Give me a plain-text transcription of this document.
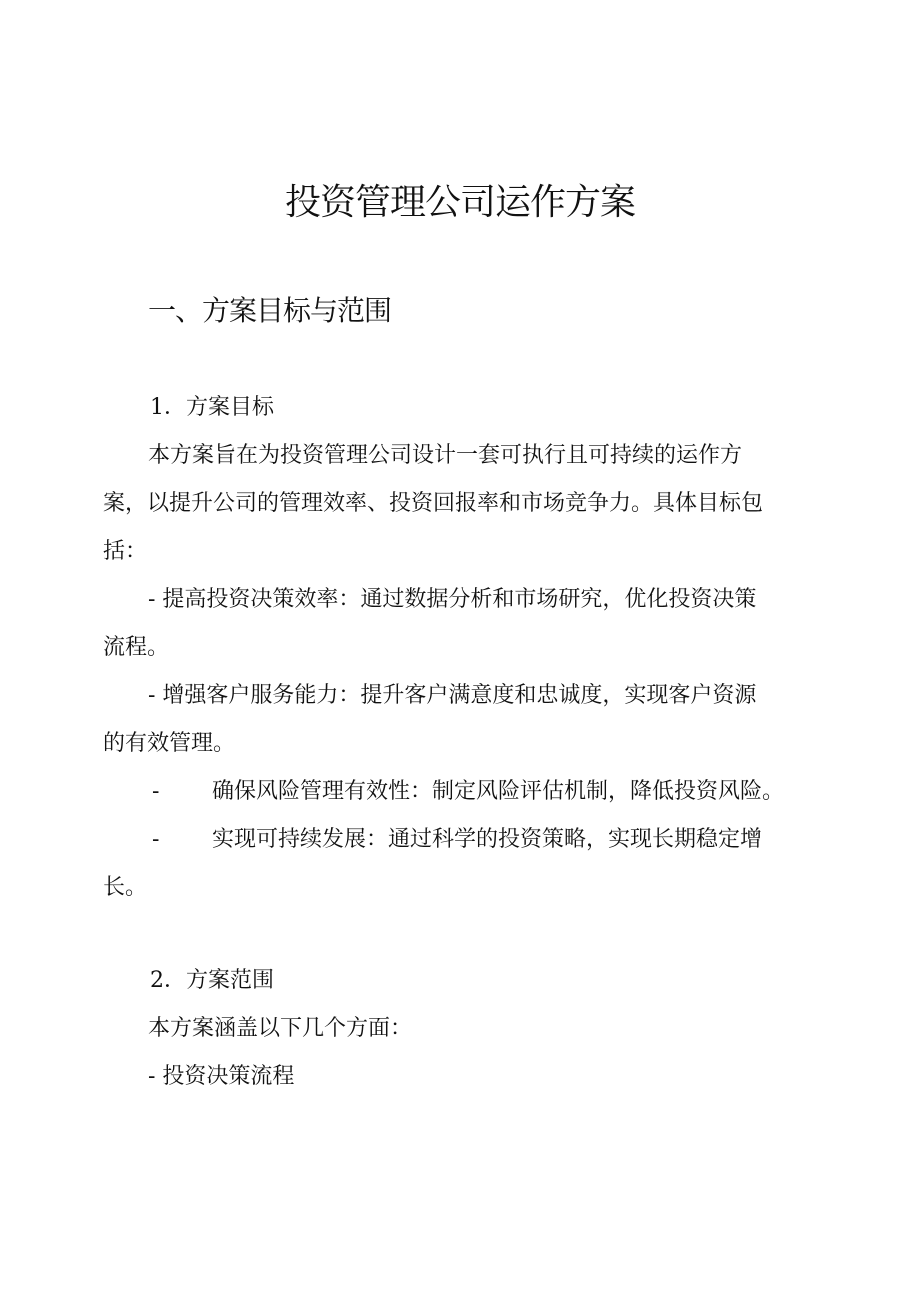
投资管理公司运作方案
一、方案目标与范围
1．方案目标
本方案旨在为投资管理公司设计一套可执行且可持续的运作方
案，以提升公司的管理效率、投资回报率和市场竞争力。具体目标包
括：
- 提高投资决策效率：通过数据分析和市场研究，优化投资决策
流程。
- 增强客户服务能力：提升客户满意度和忠诚度，实现客户资源
的有效管理。
- 确保风险管理有效性：制定风险评估机制，降低投资风险。
- 实现可持续发展：通过科学的投资策略，实现长期稳定增
长。
2．方案范围
本方案涵盖以下几个方面：
- 投资决策流程
